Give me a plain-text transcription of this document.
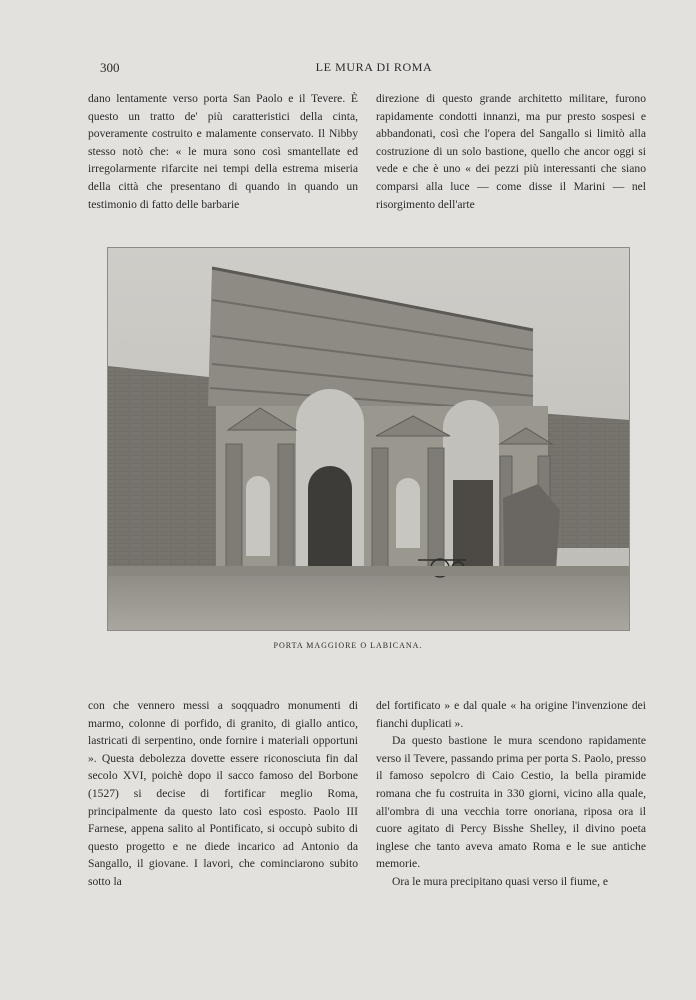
300	LE MURA DI ROMA

dano lentamente verso porta San Paolo e il Tevere. È questo un tratto de' più caratteristici della cinta, poveramente costruito e malamente conservato. Il Nibby stesso notò che: « le mura sono così smantellate ed irregolarmente rifarcite nei tempi della estrema miseria della città che presentano di quando in quando un testimonio di fatto delle barbarie

direzione di questo grande architetto militare, furono rapidamente condotti innanzi, ma pur presto sospesi e abbandonati, così che l'opera del Sangallo si limitò alla costruzione di un solo bastione, quello che ancor oggi si vede e che è uno « dei pezzi più interessanti che siano comparsi alla luce — come disse il Marini — nel risorgimento dell'arte

PORTA MAGGIORE O LABICANA.

con che vennero messi a soqquadro monumenti di marmo, colonne di porfido, di granito, di giallo antico, lastricati di serpentino, onde fornire i materiali opportuni ». Questa debolezza dovette essere riconosciuta fin dal secolo XVI, poichè dopo il sacco famoso del Borbone (1527) si decise di fortificar meglio Roma, principalmente da questo lato così esposto. Paolo III Farnese, appena salito al Pontificato, si occupò subito di questo progetto e ne diede incarico ad Antonio da Sangallo, il giovane. I lavori, che cominciarono subito sotto la

del fortificato » e dal quale « ha origine l'invenzione dei fianchi duplicati ».

Da questo bastione le mura scendono rapidamente verso il Tevere, passando prima per porta S. Paolo, presso il famoso sepolcro di Caio Cestio, la bella piramide romana che fu costruita in 330 giorni, vicino alla quale, all'ombra di una vecchia torre onoriana, riposa ora il cuore agitato di Percy Bisshe Shelley, il divino poeta inglese che tanto aveva amato Roma e le sue antiche memorie.

Ora le mura precipitano quasi verso il fiume, e
